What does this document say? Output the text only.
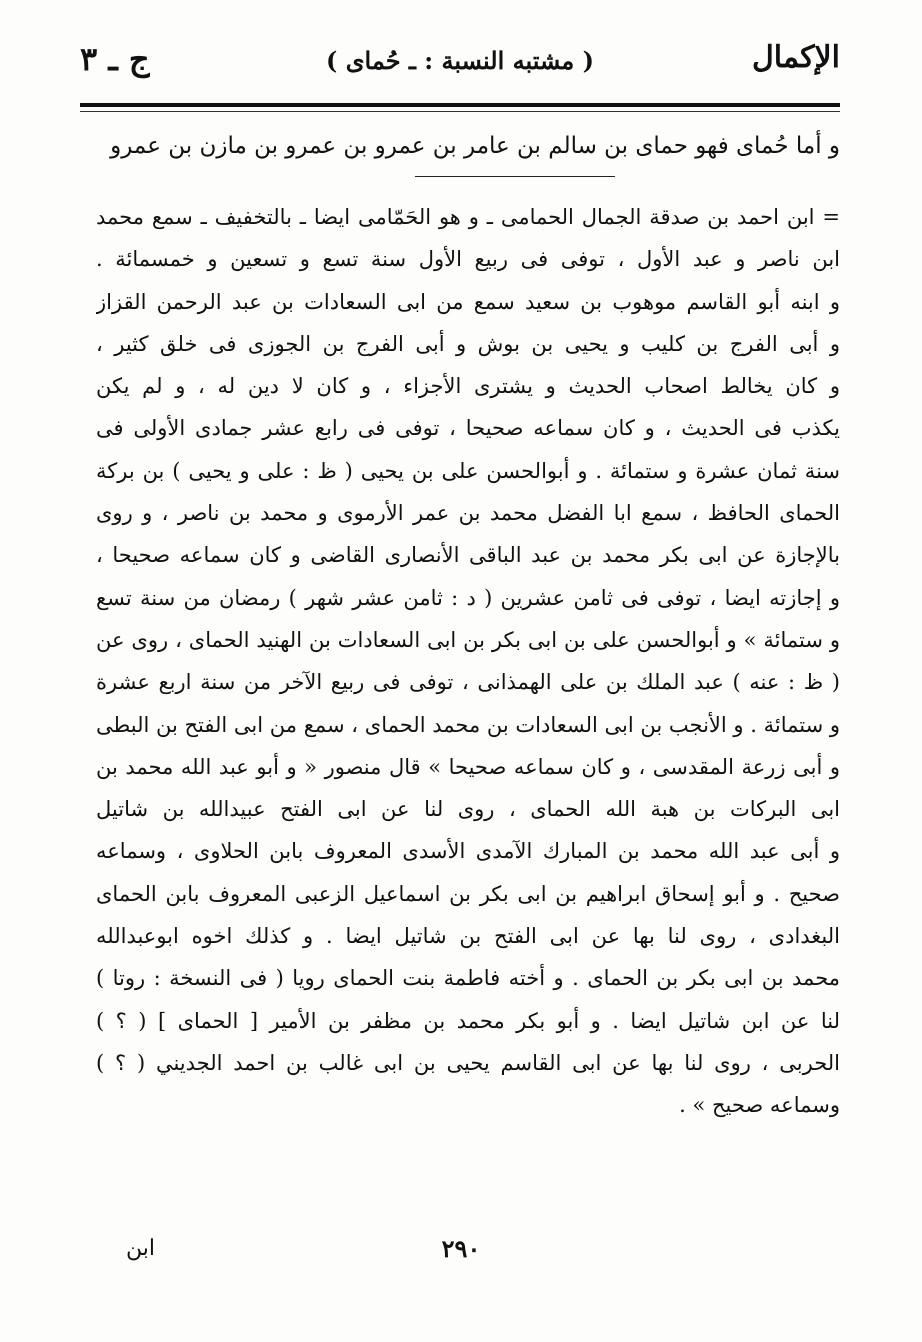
الإكمال
( مشتبه النسبة : ـ حُماى )
ج ـ ٣
و أما حُماى فهو حماى بن سالم بن عامر بن عمرو بن عمرو بن مازن بن عمرو
= ابن احمد بن صدقة الجمال الحمامى ـ و هو الحَمّامى ايضا ـ بالتخفيف ـ سمع محمد
ابن ناصر و عبد الأول ، توفى فى ربيع الأول سنة تسع و تسعين و خمسمائة .
و ابنه أبو القاسم موهوب بن سعيد سمع من ابى السعادات بن عبد الرحمن القزاز
و أبى الفرج بن كليب و يحيى بن بوش و أبى الفرج بن الجوزى فى خلق كثير ،
و كان يخالط اصحاب الحديث و يشترى الأجزاء ، و كان لا دين له ، و لم يكن
يكذب فى الحديث ، و كان سماعه صحيحا ، توفى فى رابع عشر جمادى الأولى فى
سنة ثمان عشرة و ستمائة . و أبوالحسن على بن يحيى ( ظ : على و يحيى ) بن بركة
الحماى الحافظ ، سمع ابا الفضل محمد بن عمر الأرموى و محمد بن ناصر ، و روى
بالإجازة عن ابى بكر محمد بن عبد الباقى الأنصارى القاضى و كان سماعه صحيحا ،
و إجازته ايضا ، توفى فى ثامن عشرين ( د : ثامن عشر شهر ) رمضان من سنة تسع
و ستمائة » و أبوالحسن على بن ابى بكر بن ابى السعادات بن الهنيد الحماى ، روى عن
( ظ : عنه ) عبد الملك بن على الهمذانى ، توفى فى ربيع الآخر من سنة اربع عشرة
و ستمائة . و الأنجب بن ابى السعادات بن محمد الحماى ، سمع من ابى الفتح بن البطى
و أبى زرعة المقدسى ، و كان سماعه صحيحا » قال منصور « و أبو عبد الله محمد بن
ابى البركات بن هبة الله الحماى ، روى لنا عن ابى الفتح عبيدالله بن شاتيل
و أبى عبد الله محمد بن المبارك الآمدى الأسدى المعروف بابن الحلاوى ، وسماعه
صحيح . و أبو إسحاق ابراهيم بن ابى بكر بن اسماعيل الزعبى المعروف بابن الحماى
البغدادى ، روى لنا بها عن ابى الفتح بن شاتيل ايضا . و كذلك اخوه ابوعبدالله
محمد بن ابى بكر بن الحماى . و أخته فاطمة بنت الحماى رويا ( فى النسخة : روتا )
لنا عن ابن شاتيل ايضا . و أبو بكر محمد بن مظفر بن الأمير [ الحماى ] ( ؟ )
الحربى ، روى لنا بها عن ابى القاسم يحيى بن ابى غالب بن احمد الجديني ( ؟ )
وسماعه صحيح » .
٢٩٠
ابن
